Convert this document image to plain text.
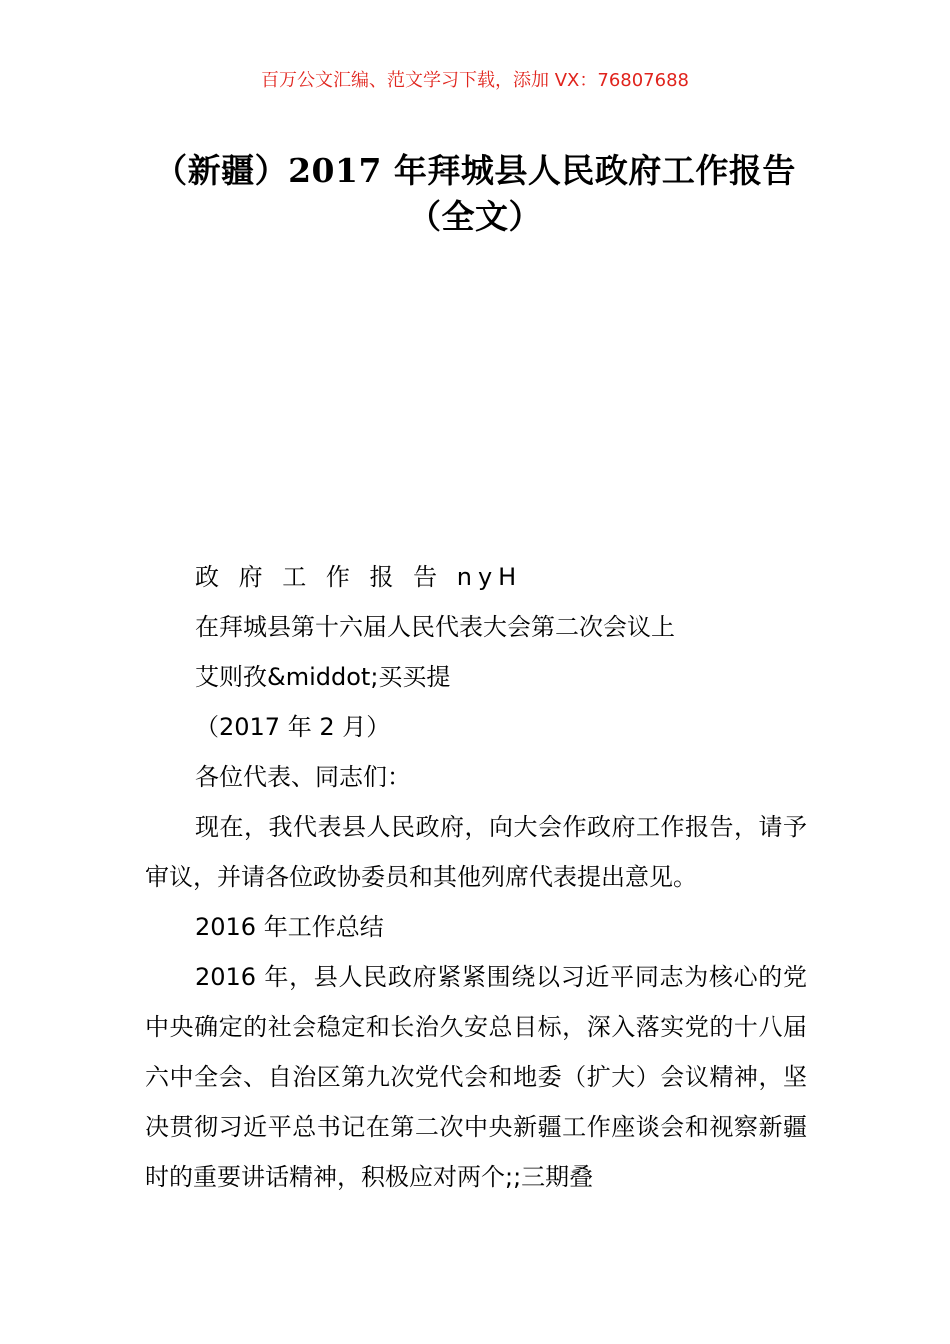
百万公文汇编、范文学习下载，添加 VX：76807688
（新疆）2017 年拜城县人民政府工作报告
（全文）

政 府 工 作 报 告 nyH

在拜城县第十六届人民代表大会第二次会议上

艾则孜&middot;买买提

（2017 年 2 月）

各位代表、同志们：

现在，我代表县人民政府，向大会作政府工作报告，请予审议，并请各位政协委员和其他列席代表提出意见。

2016 年工作总结

2016 年，县人民政府紧紧围绕以习近平同志为核心的党中央确定的社会稳定和长治久安总目标，深入落实党的十八届六中全会、自治区第九次党代会和地委（扩大）会议精神，坚决贯彻习近平总书记在第二次中央新疆工作座谈会和视察新疆时的重要讲话精神，积极应对两个;;三期叠
